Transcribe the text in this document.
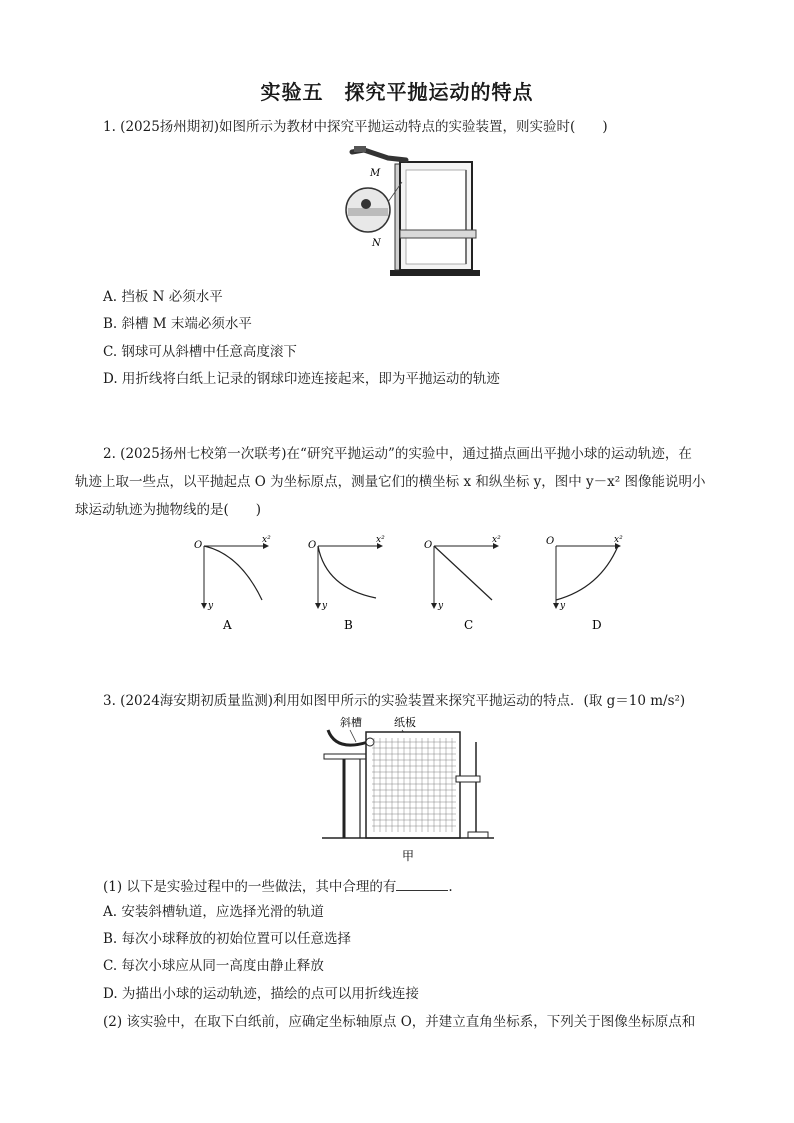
实验五　探究平抛运动的特点
1. (2025扬州期初)如图所示为教材中探究平抛运动特点的实验装置，则实验时(　　)
M
N
A. 挡板 N 必须水平
B. 斜槽 M 末端必须水平
C. 钢球可从斜槽中任意高度滚下
D. 用折线将白纸上记录的钢球印迹连接起来，即为平抛运动的轨迹
2. (2025扬州七校第一次联考)在“研究平抛运动”的实验中，通过描点画出平抛小球的运动轨迹，在
轨迹上取一些点，以平抛起点 O 为坐标原点，测量它们的横坐标 x 和纵坐标 y，图中 y－x² 图像能说明小
球运动轨迹为抛物线的是(　　)
O	x²
y
A
O	x²
y
B
O	x²
y
C
O	x²
y
D
3. (2024海安期初质量监测)利用如图甲所示的实验装置来探究平抛运动的特点．(取 g＝10 m/s²)
斜槽	纸板
甲
(1) 以下是实验过程中的一些做法，其中合理的有	.
A. 安装斜槽轨道，应选择光滑的轨道
B. 每次小球释放的初始位置可以任意选择
C. 每次小球应从同一高度由静止释放
D. 为描出小球的运动轨迹，描绘的点可以用折线连接
(2) 该实验中，在取下白纸前，应确定坐标轴原点 O，并建立直角坐标系，下列关于图像坐标原点和
